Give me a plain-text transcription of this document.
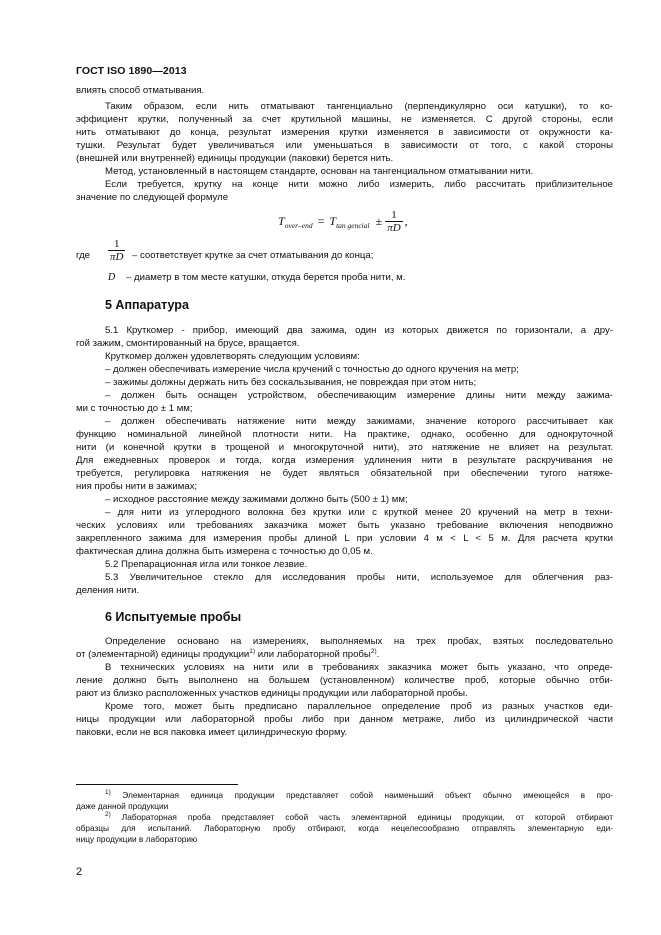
ГОСТ ISO 1890—2013
влиять способ отматывания.
Таким образом, если нить отматывают тангенциально (перпендикулярно оси катушки), то ко-
эффициент крутки, полученный за счет крутильной машины, не изменяется. С другой стороны, если
нить отматывают до конца, результат измерения крутки изменяется в зависимости от окружности ка-
тушки. Результат будет увеличиваться или уменьшаться в зависимости от того, с какой стороны
(внешней или внутренней) единицы продукции (паковки) берется нить.
Метод, установленный в настоящем стандарте, основан на тангенциальном отматывании нити.
Если требуется, крутку на конце нити можно либо измерить, либо рассчитать приблизительное
значение по следующей формуле
T over–end = T tan gencial ± $\frac{1}{\pi D}$ ,
где $\frac{1}{\pi D}$ – соответствует крутке за счет отматывания до конца;
D – диаметр в том месте катушки, откуда берется проба нити, м.
5 Аппаратура
5.1 Круткомер - прибор, имеющий два зажима, один из которых движется по горизонтали, а дру-
гой зажим, смонтированный на брусе, вращается.
Круткомер должен удовлетворять следующим условиям:
– должен обеспечивать измерение числа кручений с точностью до одного кручения на метр;
– зажимы должны держать нить без соскальзывания, не повреждая при этом нить;
– должен быть оснащен устройством, обеспечивающим измерение длины нити между зажима-
ми с точностью до ± 1 мм;
– должен обеспечивать натяжение нити между зажимами, значение которого рассчитывает как
функцию номинальной линейной плотности нити. На практике, однако, особенно для однокруточной
нити (и конечной крутки в трощеной и многокруточной нити), это натяжение не влияет на результат.
Для ежедневных проверок и тогда, когда измерения удлинения нити в результате раскручивания не
требуется, регулировка натяжения не будет являться обязательной при обеспечении тугого натяже-
ния пробы нити в зажимах;
– исходное расстояние между зажимами должно быть (500 ± 1) мм;
– для нити из углеродного волокна без крутки или с круткой менее 20 кручений на метр в техни-
ческих условиях или требованиях заказчика может быть указано требование включения неподвижно
закрепленного зажима для измерения пробы длиной L при условии 4 м < L < 5 м. Для расчета крутки
фактическая длина должна быть измерена с точностью до 0,05 м.
5.2 Препарационная игла или тонкое лезвие.
5.3 Увеличительное стекло для исследования пробы нити, используемое для облегчения раз-
деления нити.
6 Испытуемые пробы
Определение основано на измерениях, выполняемых на трех пробах, взятых последовательно
от (элементарной) единицы продукции$^{1)}$ или лабораторной пробы$^{2)}$.
В технических условиях на нити или в требованиях заказчика может быть указано, что опреде-
ление должно быть выполнено на большем (установленном) количестве проб, которые обычно отби-
рают из близко расположенных участков единицы продукции или лабораторной пробы.
Кроме того, может быть предписано параллельное определение проб из разных участков еди-
ницы продукции или лабораторной пробы либо при данном метраже, либо из цилиндрической части
паковки, если не вся паковка имеет цилиндрическую форму.
$^{1)}$ Элементарная единица продукции представляет собой наименьший объект обычно имеющейся в про-
даже данной продукции
$^{2)}$ Лабораторная проба представляет собой часть элементарной единицы продукции, от которой отбирают
образцы для испытаний. Лабораторную пробу отбирают, когда нецелесообразно отправлять элементарную еди-
ницу продукции в лабораторию
2
